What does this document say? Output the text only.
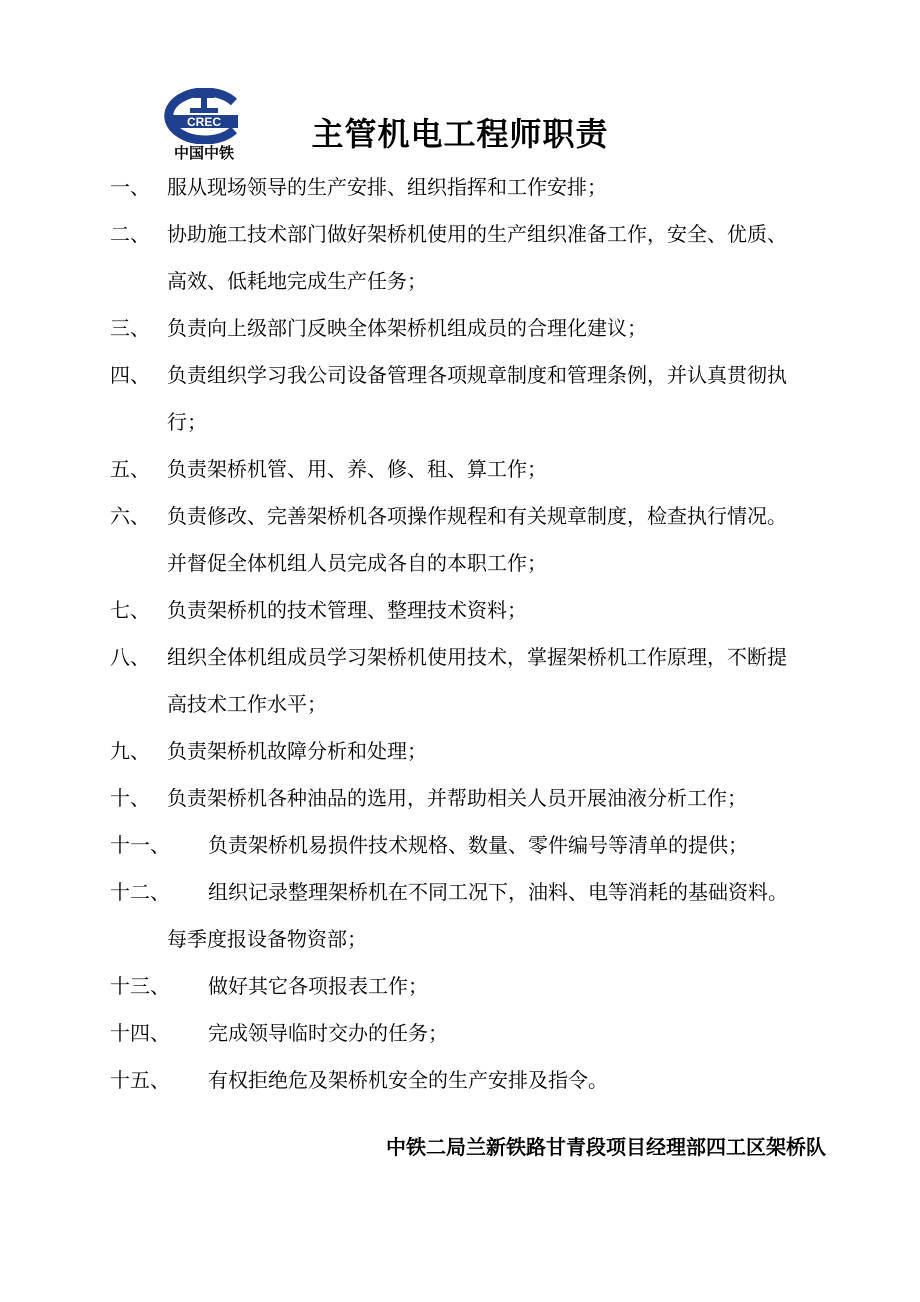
CREC
中国中铁	主管机电工程师职责
一、 服从现场领导的生产安排、组织指挥和工作安排；
二、 协助施工技术部门做好架桥机使用的生产组织准备工作，安全、优质、
高效、低耗地完成生产任务；
三、 负责向上级部门反映全体架桥机组成员的合理化建议；
四、 负责组织学习我公司设备管理各项规章制度和管理条例，并认真贯彻执
行；
五、 负责架桥机管、用、养、修、租、算工作；
六、 负责修改、完善架桥机各项操作规程和有关规章制度，检查执行情况。
并督促全体机组人员完成各自的本职工作；
七、 负责架桥机的技术管理、整理技术资料；
八、 组织全体机组成员学习架桥机使用技术，掌握架桥机工作原理，不断提
高技术工作水平；
九、 负责架桥机故障分析和处理；
十、 负责架桥机各种油品的选用，并帮助相关人员开展油液分析工作；
十一、 负责架桥机易损件技术规格、数量、零件编号等清单的提供；
十二、 组织记录整理架桥机在不同工况下，油料、电等消耗的基础资料。
每季度报设备物资部；
十三、 做好其它各项报表工作；
十四、 完成领导临时交办的任务；
十五、 有权拒绝危及架桥机安全的生产安排及指令。
中铁二局兰新铁路甘青段项目经理部四工区架桥队
